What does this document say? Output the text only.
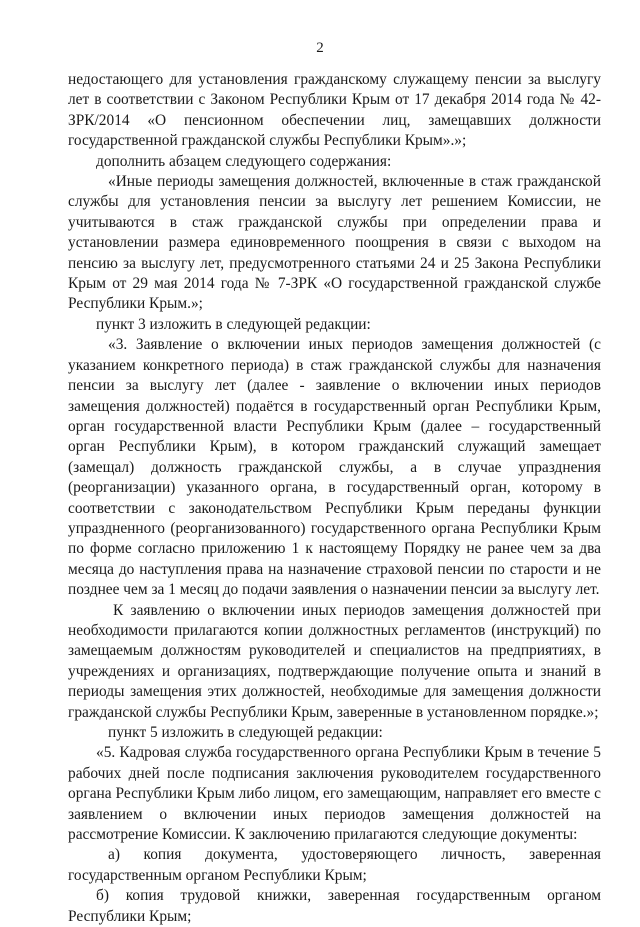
2

недостающего для установления гражданскому служащему пенсии за выслугу лет в соответствии с Законом Республики Крым от 17 декабря 2014 года № 42-ЗРК/2014 «О пенсионном обеспечении лиц, замещавших должности государственной гражданской службы Республики Крым».»;

дополнить абзацем следующего содержания:

«Иные периоды замещения должностей, включенные в стаж гражданской службы для установления пенсии за выслугу лет решением Комиссии, не учитываются в стаж гражданской службы при определении права и установлении размера единовременного поощрения в связи с выходом на пенсию за выслугу лет, предусмотренного статьями 24 и 25 Закона Республики Крым от 29 мая 2014 года № 7-ЗРК «О государственной гражданской службе Республики Крым.»;

пункт 3 изложить в следующей редакции:

«3. Заявление о включении иных периодов замещения должностей (с указанием конкретного периода) в стаж гражданской службы для назначения пенсии за выслугу лет (далее - заявление о включении иных периодов замещения должностей) подаётся в государственный орган Республики Крым, орган государственной власти Республики Крым (далее – государственный орган Республики Крым), в котором гражданский служащий замещает (замещал) должность гражданской службы, а в случае упразднения (реорганизации) указанного органа, в государственный орган, которому в соответствии с законодательством Республики Крым переданы функции упраздненного (реорганизованного) государственного органа Республики Крым по форме согласно приложению 1 к настоящему Порядку не ранее чем за два месяца до наступления права на назначение страховой пенсии по старости и не позднее чем за 1 месяц до подачи заявления о назначении пенсии за выслугу лет.

К заявлению о включении иных периодов замещения должностей при необходимости прилагаются копии должностных регламентов (инструкций) по замещаемым должностям руководителей и специалистов на предприятиях, в учреждениях и организациях, подтверждающие получение опыта и знаний в периоды замещения этих должностей, необходимые для замещения должности гражданской службы Республики Крым, заверенные в установленном порядке.»;

пункт 5 изложить в следующей редакции:

«5. Кадровая служба государственного органа Республики Крым в течение 5 рабочих дней после подписания заключения руководителем государственного органа Республики Крым либо лицом, его замещающим, направляет его вместе с заявлением о включении иных периодов замещения должностей на рассмотрение Комиссии. К заключению прилагаются следующие документы:

а) копия документа, удостоверяющего личность, заверенная государственным органом Республики Крым;

б) копия трудовой книжки, заверенная государственным органом Республики Крым;
